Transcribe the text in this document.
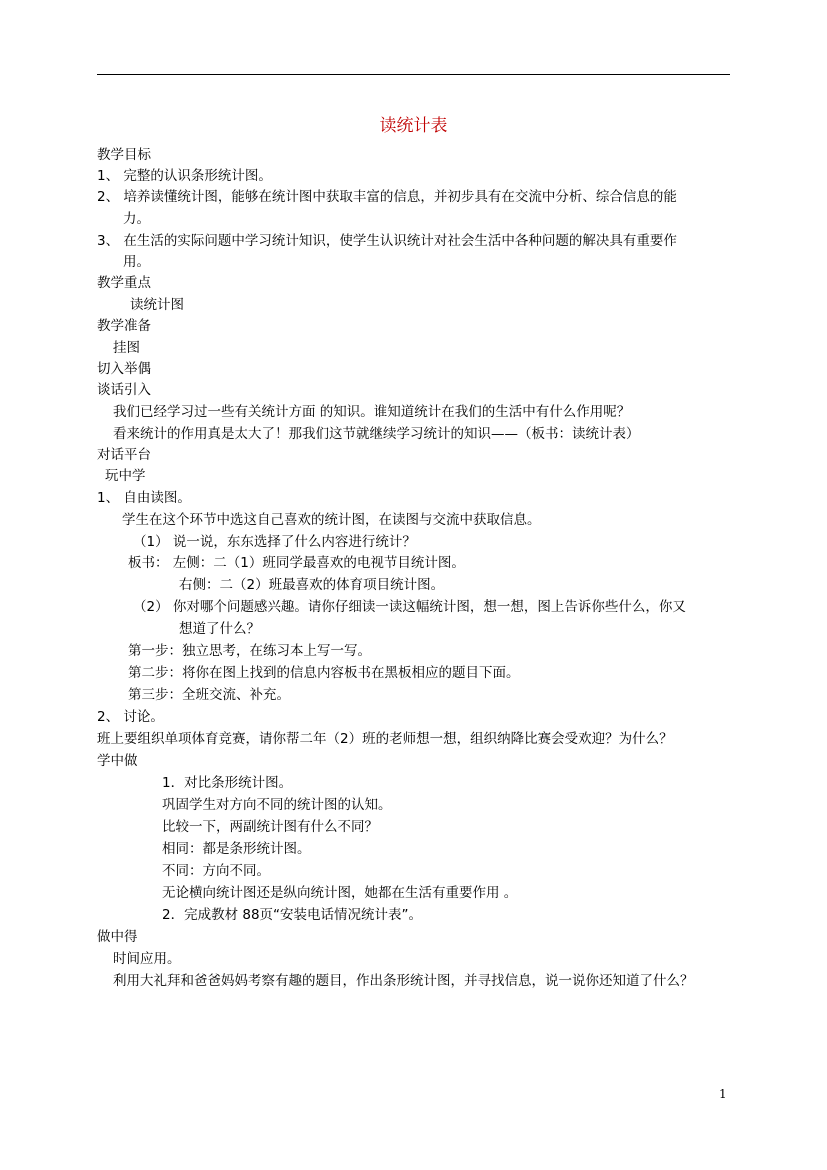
读统计表
教学目标
1、 完整的认识条形统计图。
2、 培养读懂统计图，能够在统计图中获取丰富的信息，并初步具有在交流中分析、综合信息的能
力。
3、 在生活的实际问题中学习统计知识，使学生认识统计对社会生活中各种问题的解决具有重要作
用。
教学重点
读统计图
教学准备
挂图
切入举偶
谈话引入
我们已经学习过一些有关统计方面 的知识。谁知道统计在我们的生活中有什么作用呢？
看来统计的作用真是太大了！那我们这节就继续学习统计的知识——（板书：读统计表）
对话平台
玩中学
1、 自由读图。
学生在这个环节中选这自己喜欢的统计图，在读图与交流中获取信息。
（1） 说一说，东东选择了什么内容进行统计？
板书： 左侧：二（1）班同学最喜欢的电视节目统计图。
右侧：二（2）班最喜欢的体育项目统计图。
（2） 你对哪个问题感兴趣。请你仔细读一读这幅统计图，想一想，图上告诉你些什么，你又
想道了什么？
第一步：独立思考，在练习本上写一写。
第二步：将你在图上找到的信息内容板书在黑板相应的题目下面。
第三步：全班交流、补充。
2、 讨论。
班上要组织单项体育竞赛，请你帮二年（2）班的老师想一想，组织纳降比赛会受欢迎？为什么？
学中做
1．对比条形统计图。
巩固学生对方向不同的统计图的认知。
比较一下，两副统计图有什么不同？
相同：都是条形统计图。
不同：方向不同。
无论横向统计图还是纵向统计图，她都在生活有重要作用 。
2．完成教材 88页“安装电话情况统计表”。
做中得
时间应用。
利用大礼拜和爸爸妈妈考察有趣的题目，作出条形统计图，并寻找信息，说一说你还知道了什么？
1
